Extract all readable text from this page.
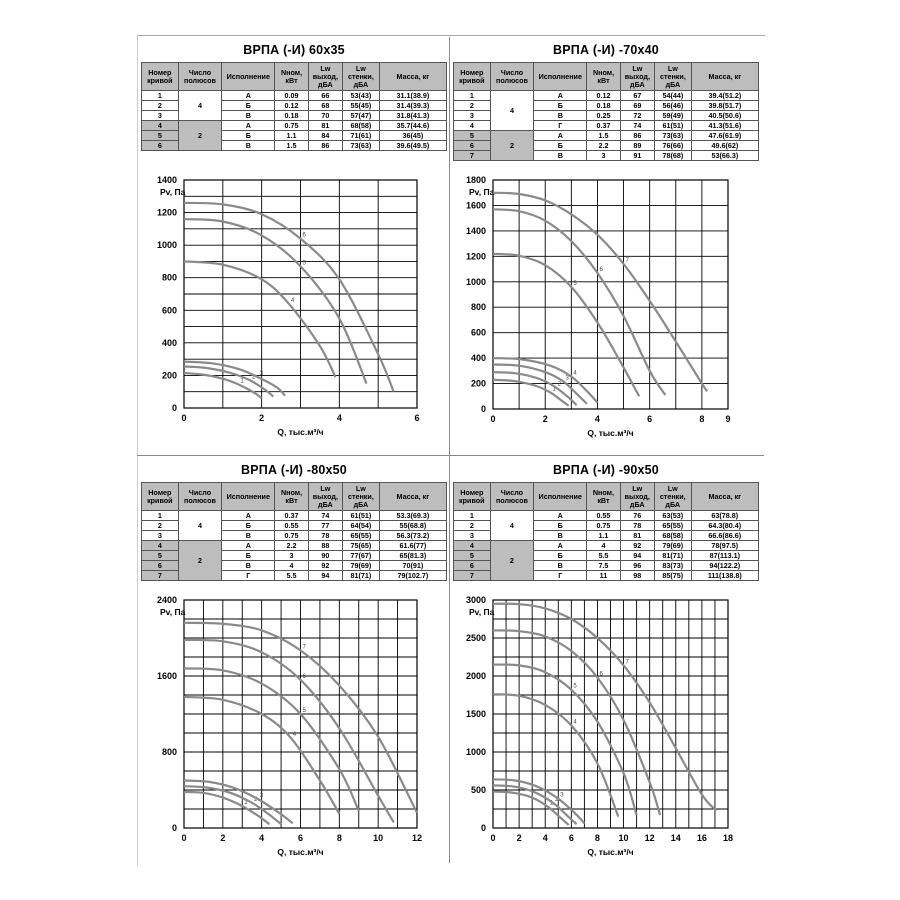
ВРПА (-И) 60x35
Номер кривой	Число полюсов	Исполнение	Nном, кВт	Lw выход, дБА	Lw стенки, дБА	Масса, кг
1	4	А	0.09	66	53(43)	31.1(38.9)
2		Б	0.12	68	55(45)	31.4(39.3)
3		В	0.18	70	57(47)	31.8(41.3)
4	2	А	0.75	81	68(58)	35.7(44.6)
5		Б	1.1	84	71(61)	36(45)
6		В	1.5	86	73(63)	39.6(49.5)
0	2	4	6
0
200
400
600
800
1000
1200
1400
Pv, Па
Q, тыс.м³/ч
1
2
3
4
5
6
ВРПА (-И) -70x40
Номер кривой	Число полюсов	Исполнение	Nном, кВт	Lw выход, дБА	Lw стенки, дБА	Масса, кг
1	4	А	0.12	67	54(44)	39.4(51.2)
2		Б	0.18	69	56(46)	39.8(51.7)
3		В	0.25	72	59(49)	40.5(50.6)
4		Г	0.37	74	61(51)	41.3(51.6)
5	2	А	1.5	86	73(63)	47.6(61.9)
6		Б	2.2	89	76(66)	49.6(62)
7		В	3	91	78(68)	53(66.3)
0	2	4	6	8 9
0
200
400
600
800
1000
1200
1400
1600
1800
Pv, Па
Q, тыс.м³/ч
1
2
3
4
5
6
7
ВРПА (-И) -80x50
Номер кривой	Число полюсов	Исполнение	Nном, кВт	Lw выход, дБА	Lw стенки, дБА	Масса, кг
1	4	А	0.37	74	61(51)	53.3(69.3)
2		Б	0.55	77	64(54)	55(68.8)
3		В	0.75	78	65(55)	56.3(73.2)
4	2	А	2.2	88	75(65)	61.6(77)
5		Б	3	90	77(67)	65(81.3)
6		В	4	92	79(69)	70(91)
7		Г	5.5	94	81(71)	79(102.7)
0	2	4	6	8	10	12
0
800
1600
2400
Pv, Па
Q, тыс.м³/ч
1
2
3
4
5
6
7
ВРПА (-И) -90x50
Номер кривой	Число полюсов	Исполнение	Nном, кВт	Lw выход, дБА	Lw стенки, дБА	Масса, кг
1	4	А	0.55	76	63(53)	63(78.8)
2		Б	0.75	78	65(55)	64.3(80.4)
3		В	1.1	81	68(58)	66.6(86.6)
4	2	А	4	92	79(69)	78(97.5)
5		Б	5.5	94	81(71)	87(113.1)
6		В	7.5	96	83(73)	94(122.2)
7		Г	11	98	85(75)	111(138.8)
0 2 4 6 8 10 12 14 16 18
0
500
1000
1500
2000
2500
3000
Pv, Па
Q, тыс.м³/ч
1
2
3
4
5
6
7
